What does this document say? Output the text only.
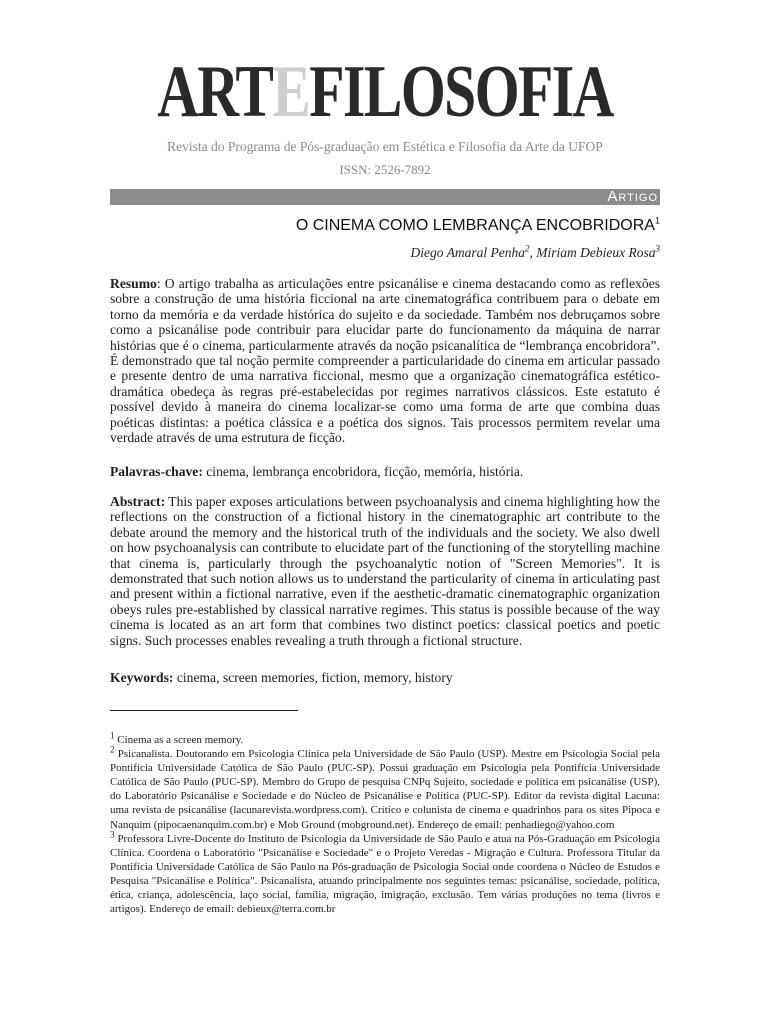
ARTEFILOSOFIA
Revista do Programa de Pós-graduação em Estética e Filosofia da Arte da UFOP
ISSN: 2526-7892
Artigo
O CINEMA COMO LEMBRANÇA ENCOBRIDORA$^1$
Diego Amaral Penha$^2$, Miriam Debieux Rosa$^3$
Resumo: O artigo trabalha as articulações entre psicanálise e cinema destacando como as reflexões sobre a construção de uma história ficcional na arte cinematográfica contribuem para o debate em torno da memória e da verdade histórica do sujeito e da sociedade. Também nos debruçamos sobre como a psicanálise pode contribuir para elucidar parte do funcionamento da máquina de narrar histórias que é o cinema, particularmente através da noção psicanalítica de “lembrança encobridora”. É demonstrado que tal noção permite compreender a particularidade do cinema em articular passado e presente dentro de uma narrativa ficcional, mesmo que a organização cinematográfica estético-dramática obedeça às regras pré-estabelecidas por regimes narrativos clássicos. Este estatuto é possível devido à maneira do cinema localizar-se como uma forma de arte que combina duas poéticas distintas: a poética clássica e a poética dos signos. Tais processos permitem revelar uma verdade através de uma estrutura de ficção.
Palavras-chave: cinema, lembrança encobridora, ficção, memória, história.
Abstract: This paper exposes articulations between psychoanalysis and cinema highlighting how the reflections on the construction of a fictional history in the cinematographic art contribute to the debate around the memory and the historical truth of the individuals and the society. We also dwell on how psychoanalysis can contribute to elucidate part of the functioning of the storytelling machine that cinema is, particularly through the psychoanalytic notion of "Screen Memories". It is demonstrated that such notion allows us to understand the particularity of cinema in articulating past and present within a fictional narrative, even if the aesthetic-dramatic cinematographic organization obeys rules pre-established by classical narrative regimes. This status is possible because of the way cinema is located as an art form that combines two distinct poetics: classical poetics and poetic signs. Such processes enables revealing a truth through a fictional structure.
Keywords: cinema, screen memories, fiction, memory, history

$^1$ Cinema as a screen memory.

$^2$ Psicanalista. Doutorando em Psicologia Clínica pela Universidade de São Paulo (USP). Mestre em Psicologia Social pela Pontifícia Universidade Católica de São Paulo (PUC-SP). Possui graduação em Psicologia pela Pontifícia Universidade Católica de São Paulo (PUC-SP). Membro do Grupo de pesquisa CNPq Sujeito, sociedade e política em psicanálise (USP), do Laboratório Psicanálise e Sociedade e do Núcleo de Psicanálise e Política (PUC-SP). Editor da revista digital Lacuna: uma revista de psicanálise (lacunarevista.wordpress.com). Crítico e colunista de cinema e quadrinhos para os sites Pipoca e Nanquim (pipocaenanquim.com.br) e Mob Ground (mobground.net). Endereço de email: penhadiego@yahoo.com

$^3$ Professora Livre-Docente do Instituto de Psicologia da Universidade de São Paulo e atua na Pós-Graduação em Psicologia Clínica. Coordena o Laboratório "Psicanálise e Sociedade" e o Projeto Veredas - Migração e Cultura. Professora Titular da Pontifícia Universidade Católica de São Paulo na Pós-graduação de Psicologia Social onde coordena o Núcleo de Estudos e Pesquisa "Psicanálise e Política". Psicanalista, atuando principalmente nos seguintes temas: psicanálise, sociedade, política, ética, criança, adolescência, laço social, família, migração, imigração, exclusão. Tem várias produções no tema (livros e artigos). Endereço de email: debieux@terra.com.br
